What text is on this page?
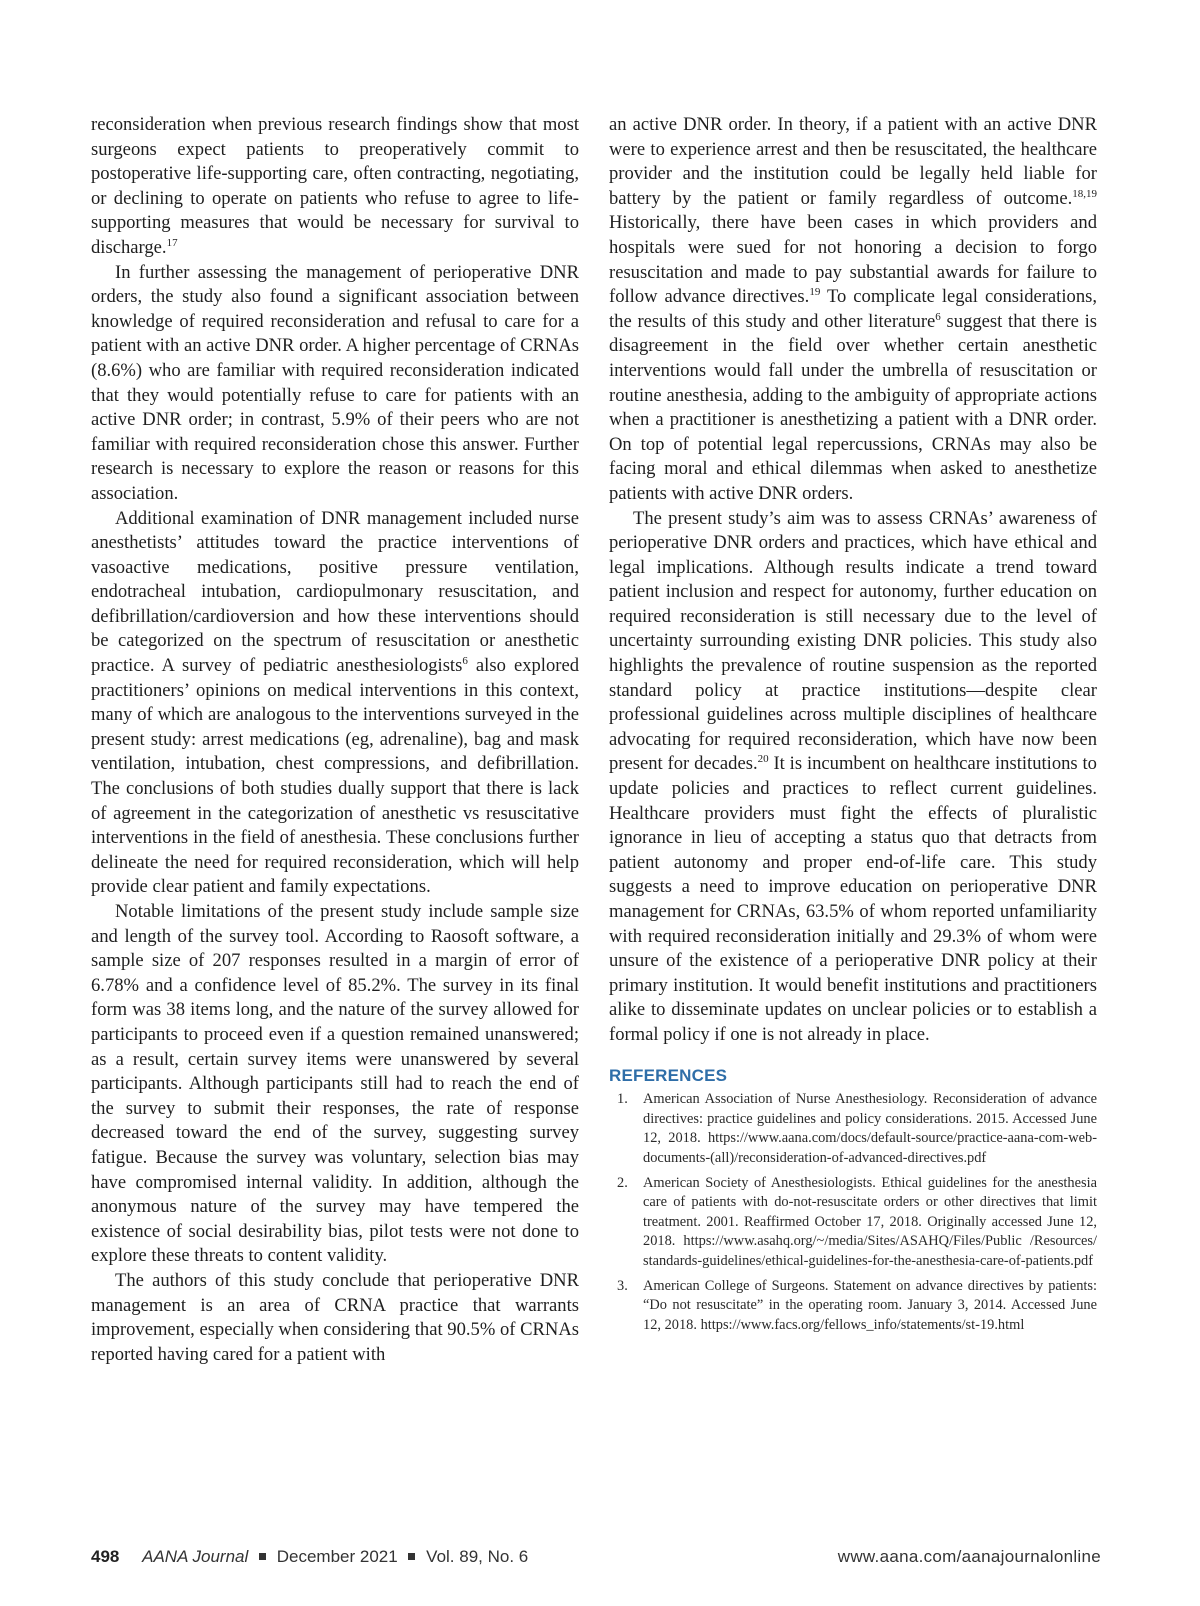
reconsideration when previous research findings show that most surgeons expect patients to preoperatively commit to postoperative life-supporting care, often contracting, negotiating, or declining to operate on patients who refuse to agree to life-supporting measures that would be necessary for survival to discharge.$^{17}$

In further assessing the management of perioperative DNR orders, the study also found a significant association between knowledge of required reconsideration and refusal to care for a patient with an active DNR order. A higher percentage of CRNAs (8.6%) who are familiar with required reconsideration indicated that they would potentially refuse to care for patients with an active DNR order; in contrast, 5.9% of their peers who are not familiar with required reconsideration chose this answer. Further research is necessary to explore the reason or reasons for this association.

Additional examination of DNR management included nurse anesthetists’ attitudes toward the practice interventions of vasoactive medications, positive pressure ventilation, endotracheal intubation, cardiopulmonary resuscitation, and defibrillation/cardioversion and how these interventions should be categorized on the spectrum of resuscitation or anesthetic practice. A survey of pediatric anesthesiologists$^6$ also explored practitioners’ opinions on medical interventions in this context, many of which are analogous to the interventions surveyed in the present study: arrest medications (eg, adrenaline), bag and mask ventilation, intubation, chest compressions, and defibrillation. The conclusions of both studies dually support that there is lack of agreement in the categorization of anesthetic vs resuscitative interventions in the field of anesthesia. These conclusions further delineate the need for required reconsideration, which will help provide clear patient and family expectations.

Notable limitations of the present study include sample size and length of the survey tool. According to Raosoft software, a sample size of 207 responses resulted in a margin of error of 6.78% and a confidence level of 85.2%. The survey in its final form was 38 items long, and the nature of the survey allowed for participants to proceed even if a question remained unanswered; as a result, certain survey items were unanswered by several participants. Although participants still had to reach the end of the survey to submit their responses, the rate of response decreased toward the end of the survey, suggesting survey fatigue. Because the survey was voluntary, selection bias may have compromised internal validity. In addition, although the anonymous nature of the survey may have tempered the existence of social desirability bias, pilot tests were not done to explore these threats to content validity.

The authors of this study conclude that perioperative DNR management is an area of CRNA practice that warrants improvement, especially when considering that 90.5% of CRNAs reported having cared for a patient with

an active DNR order. In theory, if a patient with an active DNR were to experience arrest and then be resuscitated, the healthcare provider and the institution could be legally held liable for battery by the patient or family regardless of outcome.$^{18,19}$ Historically, there have been cases in which providers and hospitals were sued for not honoring a decision to forgo resuscitation and made to pay substantial awards for failure to follow advance directives.$^{19}$ To complicate legal considerations, the results of this study and other literature$^6$ suggest that there is disagreement in the field over whether certain anesthetic interventions would fall under the umbrella of resuscitation or routine anesthesia, adding to the ambiguity of appropriate actions when a practitioner is anesthetizing a patient with a DNR order. On top of potential legal repercussions, CRNAs may also be facing moral and ethical dilemmas when asked to anesthetize patients with active DNR orders.

The present study’s aim was to assess CRNAs’ awareness of perioperative DNR orders and practices, which have ethical and legal implications. Although results indicate a trend toward patient inclusion and respect for autonomy, further education on required reconsideration is still necessary due to the level of uncertainty surrounding existing DNR policies. This study also highlights the prevalence of routine suspension as the reported standard policy at practice institutions—despite clear professional guidelines across multiple disciplines of healthcare advocating for required reconsideration, which have now been present for decades.$^{20}$ It is incumbent on healthcare institutions to update policies and practices to reflect current guidelines. Healthcare providers must fight the effects of pluralistic ignorance in lieu of accepting a status quo that detracts from patient autonomy and proper end-of-life care. This study suggests a need to improve education on perioperative DNR management for CRNAs, 63.5% of whom reported unfamiliarity with required reconsideration initially and 29.3% of whom were unsure of the existence of a perioperative DNR policy at their primary institution. It would benefit institutions and practitioners alike to disseminate updates on unclear policies or to establish a formal policy if one is not already in place.

REFERENCES
1. American Association of Nurse Anesthesiology. Reconsideration of advance directives: practice guidelines and policy considerations. 2015. Accessed June 12, 2018. https://www.aana.com/docs/default-source/practice-aana-com-web-documents-(all)/reconsideration-of-advanced-directives.pdf
2. American Society of Anesthesiologists. Ethical guidelines for the anesthesia care of patients with do-not-resuscitate orders or other directives that limit treatment. 2001. Reaffirmed October 17, 2018. Originally accessed June 12, 2018. https://www.asahq.org/~/media/Sites/ASAHQ/Files/Public /Resources/ standards-guidelines/ethical-guidelines-for-the-anesthesia-care-of-patients.pdf
3. American College of Surgeons. Statement on advance directives by patients: “Do not resuscitate” in the operating room. January 3, 2014. Accessed June 12, 2018. https://www.facs.org/fellows_info/statements/st-19.html
498 AANA Journal December 2021 Vol. 89, No. 6	www.aana.com/aanajournalonline
